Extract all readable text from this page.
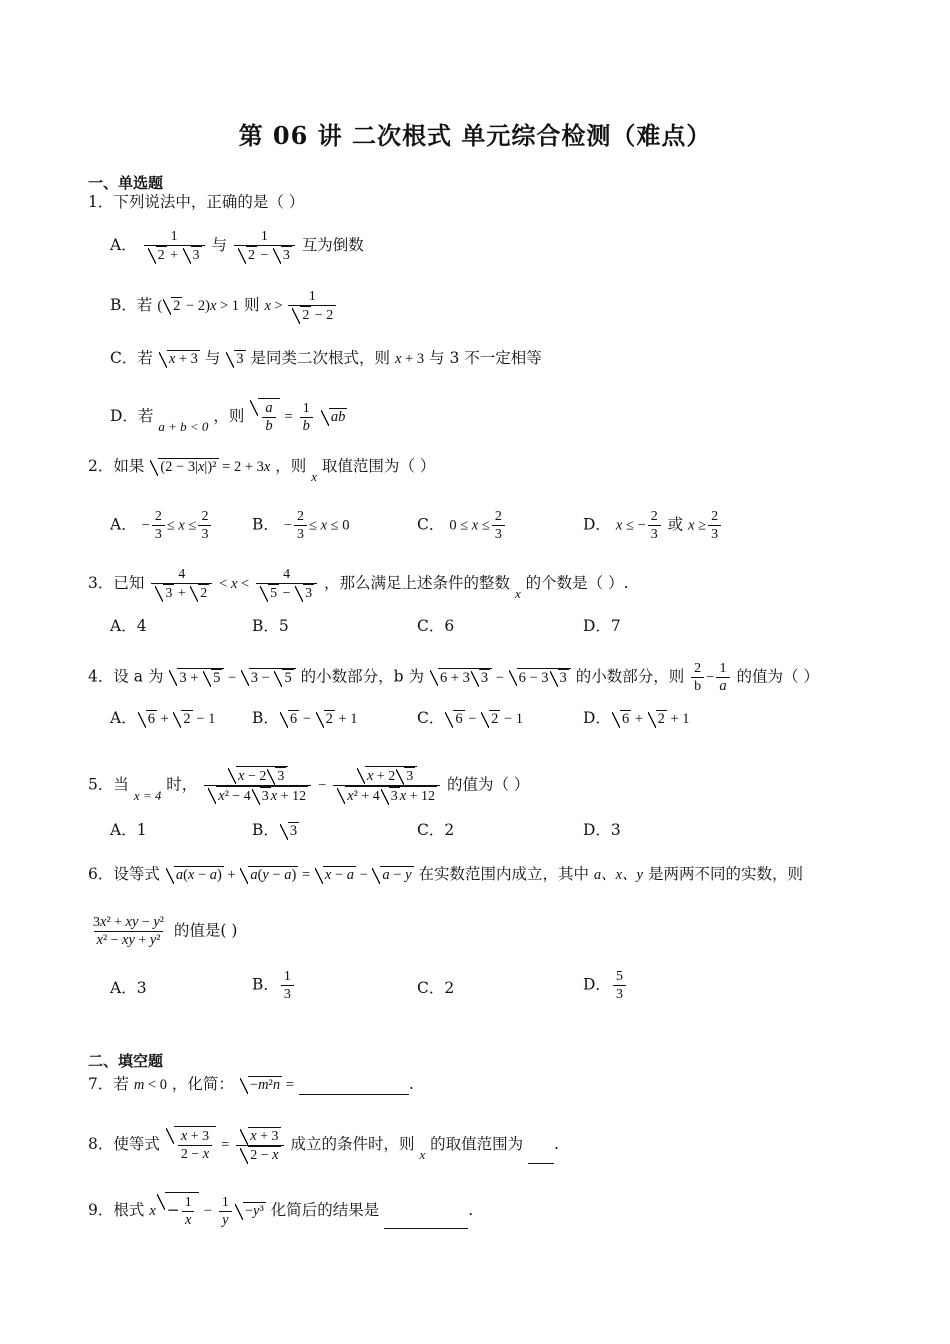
第 06 讲 二次根式 单元综合检测（难点）
一、单选题
1．下列说法中，正确的是（ ）
A． $\frac{1}{2 + 3}$ 与 $\frac{1}{2 - 3}$ 互为倒数
B．若 ( 2 − 2)x > 1 则 $x > \frac{1}{2 - 2}$
C．若 x + 3 与 3 是同类二次根式，则 x + 3 与 3 不一定相等
D．若 $_{a + b < 0}$ ，则 $\frac{a}{b} = \frac{1}{b}$ ab
2．如果 (2 − 3|x|)² = 2 + 3x ，则 $_x$ 取值范围为（ ）
A． − $\frac{2}{3} \le x \le \frac{2}{3}$	B． − $\frac{2}{3} \le x \le 0$	C． $0 \le x \le \frac{2}{3}$	D． x ≤ − $\frac{2}{3}$ 或 $x \ge \frac{2}{3}$
3．已知 $\frac{4}{3 + 2} < x < \frac{4}{5 - 3}$ ，那么满足上述条件的整数 $_x$ 的个数是（ ）.
A．4	B．5	C．6	D．7
4．设 a 为 3 + 5 − 3 − 5 的小数部分，b 为 6 + 3 3 − 6 − 3 3 的小数部分，则 $\frac{2}{b} - \frac{1}{a}$ 的值为（ ）
A． 6 + 2 − 1 B． 6 − 2 + 1	C． 6 − 2 − 1	D． 6 + 2 + 1
5．当 $_{x = 4}$ 时， $\frac{x - 2 3}{\text{x² − 4 3 x + 12}} - \frac{x + 2 3}{\text{x² + 4 3 x + 12}}$ 的值为（ ）
A．1	B． 3	C．2	D．3
6．设等式 a(x − a) + a(y − a) = x − a − a − y 在实数范围内成立，其中 a、x、y 是两两不同的实数，则
$\frac{\text{3x² + xy − y²}}{\text{x² − xy + y²}}$ 的值是( )
A．3	B． $\frac{1}{3}$	C．2	D． $\frac{5}{3}$
二、填空题
7．若 m < 0 ，化简： −m²n =	.
8．使等式 $\frac{x + 3}{2 - x} = \frac{x + 3}{2 - x}$ 成立的条件时，则 $_x$ 的取值范围为 .
9．根式 $x - \frac{1}{x} - \frac{1}{y} -y^3$ 化简后的结果是	.
